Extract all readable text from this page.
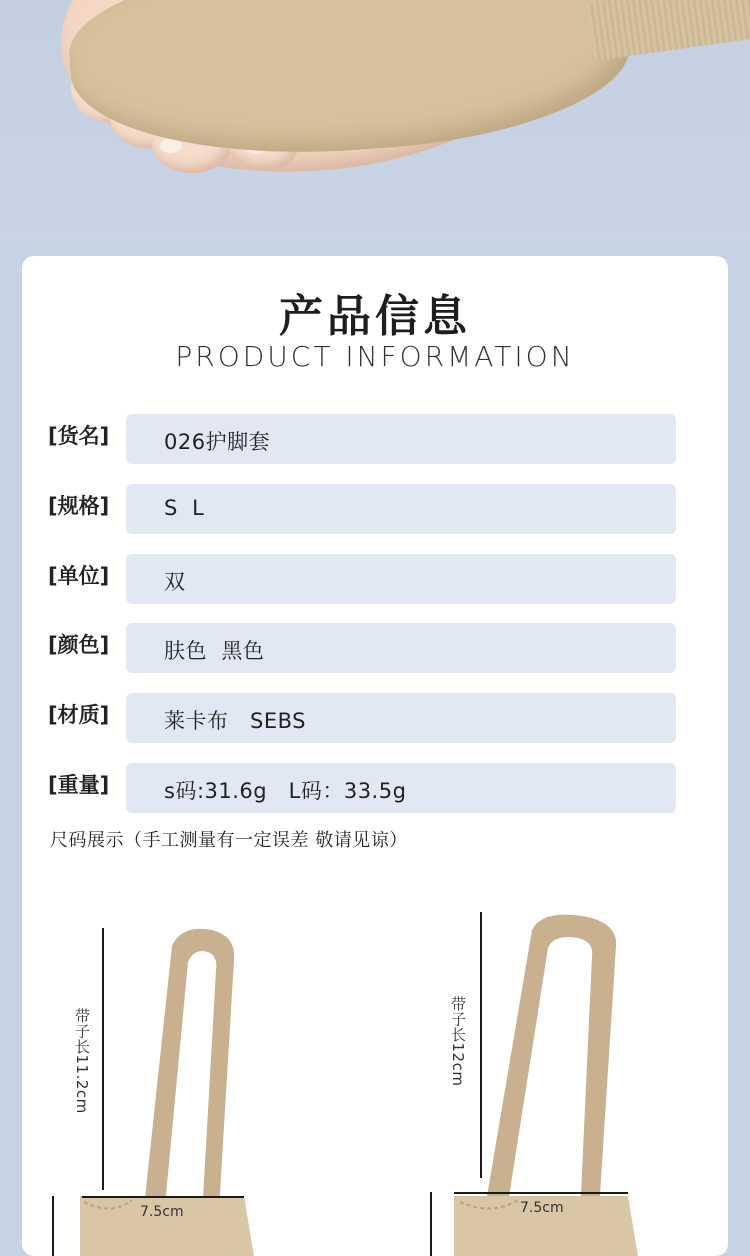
产品信息
PRODUCT INFORMATION
[货名]	026护脚套
[规格]	S  L
[单位]	双
[颜色]	肤色  黑色
[材质]	莱卡布   SEBS
[重量]	s码:31.6g   L码：33.5g
尺码展示（手工测量有一定误差 敬请见谅）
带子长11.2cm
7.5cm
带子长12cm
7.5cm
